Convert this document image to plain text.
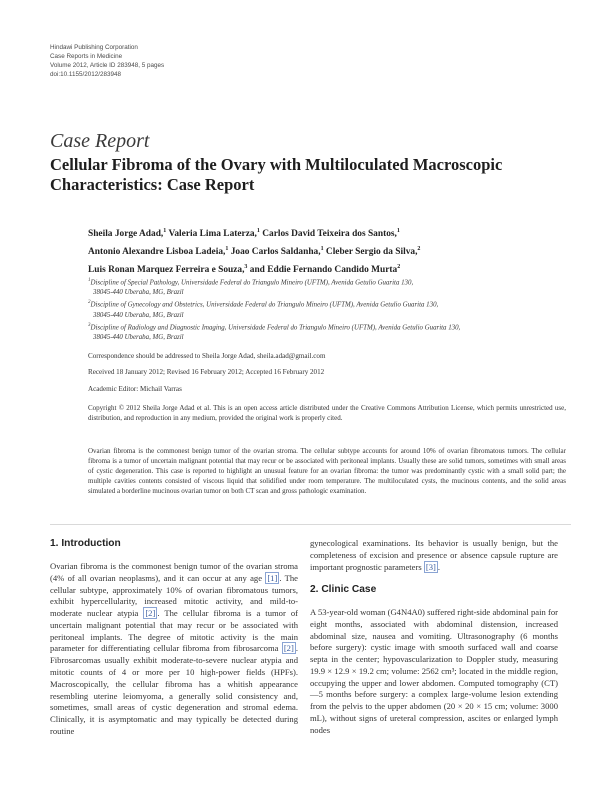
Hindawi Publishing Corporation
Case Reports in Medicine
Volume 2012, Article ID 283948, 5 pages
doi:10.1155/2012/283948
Case Report
Cellular Fibroma of the Ovary with Multiloculated Macroscopic Characteristics: Case Report
Sheila Jorge Adad,$^1$ Valeria Lima Laterza,$^1$ Carlos David Teixeira dos Santos,$^1$
Antonio Alexandre Lisboa Ladeia,$^1$ Joao Carlos Saldanha,$^1$ Cleber Sergio da Silva,$^2$
Luis Ronan Marquez Ferreira e Souza,$^3$ and Eddie Fernando Candido Murta$^2$
$^1$Discipline of Special Pathology, Universidade Federal do Triangulo Mineiro (UFTM), Avenida Getulio Guarita 130,
38045-440 Uberaba, MG, Brazil
$^2$Discipline of Gynecology and Obstetrics, Universidade Federal do Triangulo Mineiro (UFTM), Avenida Getulio Guarita 130,
38045-440 Uberaba, MG, Brazil
$^3$Discipline of Radiology and Diagnostic Imaging, Universidade Federal do Triangulo Mineiro (UFTM), Avenida Getulio Guarita 130,
38045-440 Uberaba, MG, Brazil
Correspondence should be addressed to Sheila Jorge Adad, sheila.adad@gmail.com
Received 18 January 2012; Revised 16 February 2012; Accepted 16 February 2012
Academic Editor: Michail Varras
Copyright © 2012 Sheila Jorge Adad et al. This is an open access article distributed under the Creative Commons Attribution License, which permits unrestricted use, distribution, and reproduction in any medium, provided the original work is properly cited.
Ovarian fibroma is the commonest benign tumor of the ovarian stroma. The cellular subtype accounts for around 10% of ovarian fibromatous tumors. The cellular fibroma is a tumor of uncertain malignant potential that may recur or be associated with peritoneal implants. Usually these are solid tumors, sometimes with small areas of cystic degeneration. This case is reported to highlight an unusual feature for an ovarian fibroma: the tumor was predominantly cystic with a small solid part; the multiple cavities contents consisted of viscous liquid that solidified under room temperature. The multiloculated cysts, the mucinous contents, and the solid areas simulated a borderline mucinous ovarian tumor on both CT scan and gross pathologic examination.
1. Introduction
Ovarian fibroma is the commonest benign tumor of the ovarian stroma (4% of all ovarian neoplasms), and it can occur at any age [1] . The cellular subtype, approximately 10% of ovarian fibromatous tumors, exhibit hypercellularity, increased mitotic activity, and mild-to-moderate nuclear atypia [2] . The cellular fibroma is a tumor of uncertain malignant potential that may recur or be associated with peritoneal implants. The degree of mitotic activity is the main parameter for differentiating cellular fibroma from fibrosarcoma [2] . Fibrosarcomas usually exhibit moderate-to-severe nuclear atypia and mitotic counts of 4 or more per 10 high-power fields (HPFs). Macroscopically, the cellular fibroma has a whitish appearance resembling uterine leiomyoma, a generally solid consistency and, sometimes, small areas of cystic degeneration and stromal edema. Clinically, it is asymptomatic and may typically be detected during routine
gynecological examinations. Its behavior is usually benign, but the completeness of excision and presence or absence capsule rupture are important prognostic parameters [3] .
2. Clinic Case
A 53-year-old woman (G4N4A0) suffered right-side abdominal pain for eight months, associated with abdominal distension, increased abdominal size, nausea and vomiting. Ultrasonography (6 months before surgery): cystic image with smooth surfaced wall and coarse septa in the center; hypovascularization to Doppler study, measuring 19.9 × 12.9 × 19.2 cm; volume: 2562 cm³; located in the middle region, occupying the upper and lower abdomen. Computed tomography (CT)—5 months before surgery: a complex large-volume lesion extending from the pelvis to the upper abdomen (20 × 20 × 15 cm; volume: 3000 mL), without signs of ureteral compression, ascites or enlarged lymph nodes
